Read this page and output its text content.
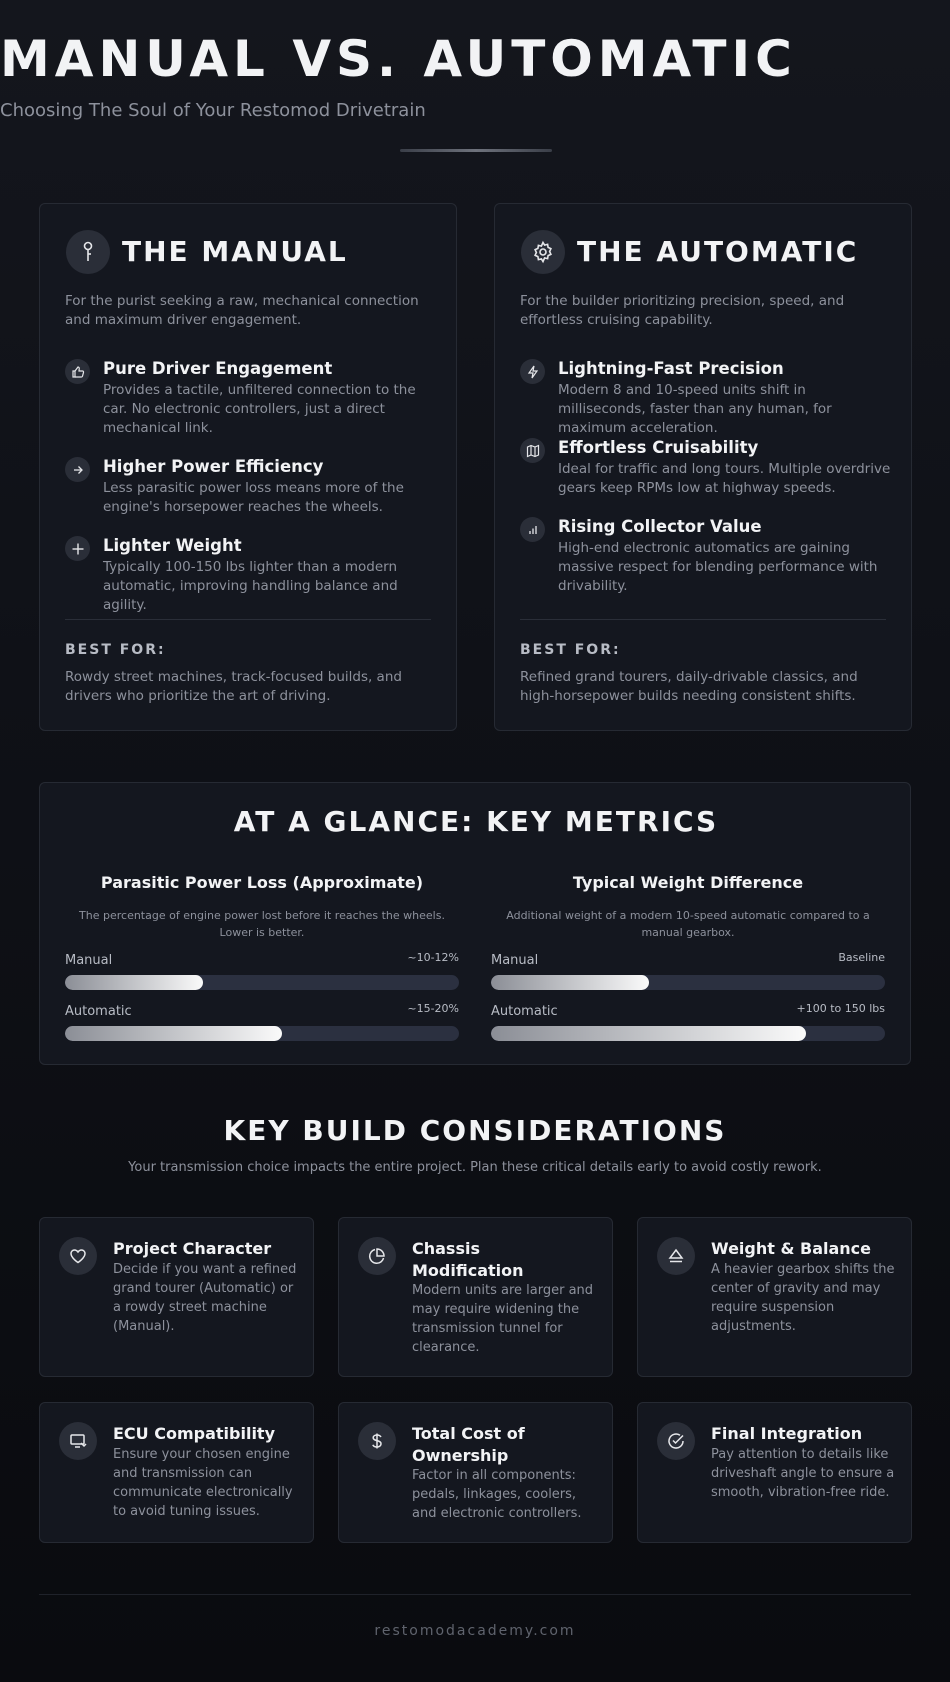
MANUAL VS. AUTOMATIC
Choosing The Soul of Your Restomod Drivetrain
THE MANUAL
For the purist seeking a raw, mechanical connection and maximum driver engagement.
Pure Driver Engagement
Provides a tactile, unfiltered connection to the car. No electronic controllers, just a direct mechanical link.
Higher Power Efficiency
Less parasitic power loss means more of the engine's horsepower reaches the wheels.
Lighter Weight
Typically 100-150 lbs lighter than a modern automatic, improving handling balance and agility.
BEST FOR:
Rowdy street machines, track-focused builds, and drivers who prioritize the art of driving.
THE AUTOMATIC
For the builder prioritizing precision, speed, and effortless cruising capability.
Lightning-Fast Precision
Modern 8 and 10-speed units shift in milliseconds, faster than any human, for maximum acceleration.
Effortless Cruisability
Ideal for traffic and long tours. Multiple overdrive gears keep RPMs low at highway speeds.
Rising Collector Value
High-end electronic automatics are gaining massive respect for blending performance with drivability.
BEST FOR:
Refined grand tourers, daily-drivable classics, and high-horsepower builds needing consistent shifts.
AT A GLANCE: KEY METRICS
Parasitic Power Loss (Approximate)
The percentage of engine power lost before it reaches the wheels. Lower is better.
Manual	~10-12%
Automatic	~15-20%
Typical Weight Difference
Additional weight of a modern 10-speed automatic compared to a manual gearbox.
Manual	Baseline
Automatic	+100 to 150 lbs
KEY BUILD CONSIDERATIONS
Your transmission choice impacts the entire project. Plan these critical details early to avoid costly rework.
Project Character
Decide if you want a refined grand tourer (Automatic) or a rowdy street machine (Manual).
Chassis Modification
Modern units are larger and may require widening the transmission tunnel for clearance.
Weight & Balance
A heavier gearbox shifts the center of gravity and may require suspension adjustments.
ECU Compatibility
Ensure your chosen engine and transmission can communicate electronically to avoid tuning issues.
Total Cost of Ownership
Factor in all components: pedals, linkages, coolers, and electronic controllers.
Final Integration
Pay attention to details like driveshaft angle to ensure a smooth, vibration-free ride.
restomodacademy.com
